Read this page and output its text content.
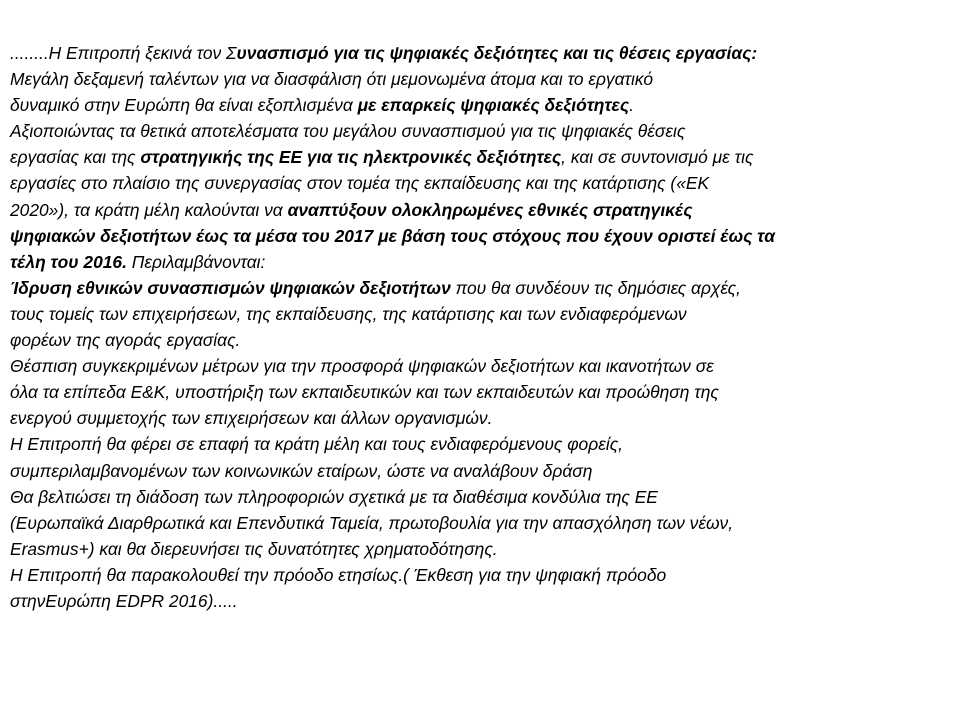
........Η Επιτροπή ξεκινά τον Συνασπισμό για τις ψηφιακές δεξιότητες και τις θέσεις εργασίας:
Μεγάλη δεξαμενή ταλέντων για να διασφάλιση ότι μεμονωμένα άτομα και το εργατικό
δυναμικό στην Ευρώπη θα είναι εξοπλισμένα με επαρκείς ψηφιακές δεξιότητες.
Αξιοποιώντας τα θετικά αποτελέσματα του μεγάλου συνασπισμού για τις ψηφιακές θέσεις
εργασίας και της στρατηγικής της ΕΕ για τις ηλεκτρονικές δεξιότητες, και σε συντονισμό με τις
εργασίες στο πλαίσιο της συνεργασίας στον τομέα της εκπαίδευσης και της κατάρτισης («ΕΚ
2020»), τα κράτη μέλη καλούνται να αναπτύξουν ολοκληρωμένες εθνικές στρατηγικές
ψηφιακών δεξιοτήτων έως τα μέσα του 2017 με βάση τους στόχους που έχουν οριστεί έως τα
τέλη του 2016. Περιλαμβάνονται:
Ίδρυση εθνικών συνασπισμών ψηφιακών δεξιοτήτων που θα συνδέουν τις δημόσιες αρχές,
τους τομείς των επιχειρήσεων, της εκπαίδευσης, της κατάρτισης και των ενδιαφερόμενων
φορέων της αγοράς εργασίας.
Θέσπιση συγκεκριμένων μέτρων για την προσφορά ψηφιακών δεξιοτήτων και ικανοτήτων σε
όλα τα επίπεδα Ε&Κ, υποστήριξη των εκπαιδευτικών και των εκπαιδευτών και προώθηση της
ενεργού συμμετοχής των επιχειρήσεων και άλλων οργανισμών.
Η Επιτροπή θα φέρει σε επαφή τα κράτη μέλη και τους ενδιαφερόμενους φορείς,
συμπεριλαμβανομένων των κοινωνικών εταίρων, ώστε να αναλάβουν δράση
Θα βελτιώσει τη διάδοση των πληροφοριών σχετικά με τα διαθέσιμα κονδύλια της ΕΕ
(Ευρωπαϊκά Διαρθρωτικά και Επενδυτικά Ταμεία, πρωτοβουλία για την απασχόληση των νέων,
Erasmus+) και θα διερευνήσει τις δυνατότητες χρηματοδότησης.
Η Επιτροπή θα παρακολουθεί την πρόοδο ετησίως.( Έκθεση για την ψηφιακή πρόοδο
στηνΕυρώπη EDPR 2016).....
